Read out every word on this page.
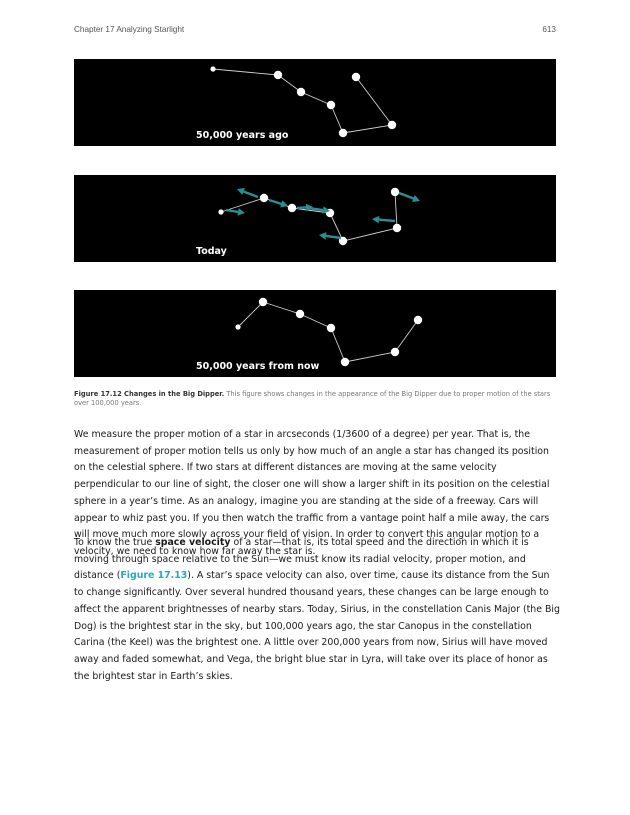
Chapter 17 Analyzing Starlight	613
50,000 years ago
Today
50,000 years from now
Figure 17.12 Changes in the Big Dipper. This figure shows changes in the appearance of the Big Dipper due to proper motion of the stars over 100,000 years.

We measure the proper motion of a star in arcseconds (1/3600 of a degree) per year. That is, the measurement of proper motion tells us only by how much of an angle a star has changed its position on the celestial sphere. If two stars at different distances are moving at the same velocity perpendicular to our line of sight, the closer one will show a larger shift in its position on the celestial sphere in a year’s time. As an analogy, imagine you are standing at the side of a freeway. Cars will appear to whiz past you. If you then watch the traffic from a vantage point half a mile away, the cars will move much more slowly across your field of vision. In order to convert this angular motion to a velocity, we need to know how far away the star is.

To know the true space velocity of a star—that is, its total speed and the direction in which it is moving through space relative to the Sun—we must know its radial velocity, proper motion, and distance (Figure 17.13). A star’s space velocity can also, over time, cause its distance from the Sun to change significantly. Over several hundred thousand years, these changes can be large enough to affect the apparent brightnesses of nearby stars. Today, Sirius, in the constellation Canis Major (the Big Dog) is the brightest star in the sky, but 100,000 years ago, the star Canopus in the constellation Carina (the Keel) was the brightest one. A little over 200,000 years from now, Sirius will have moved away and faded somewhat, and Vega, the bright blue star in Lyra, will take over its place of honor as the brightest star in Earth’s skies.
